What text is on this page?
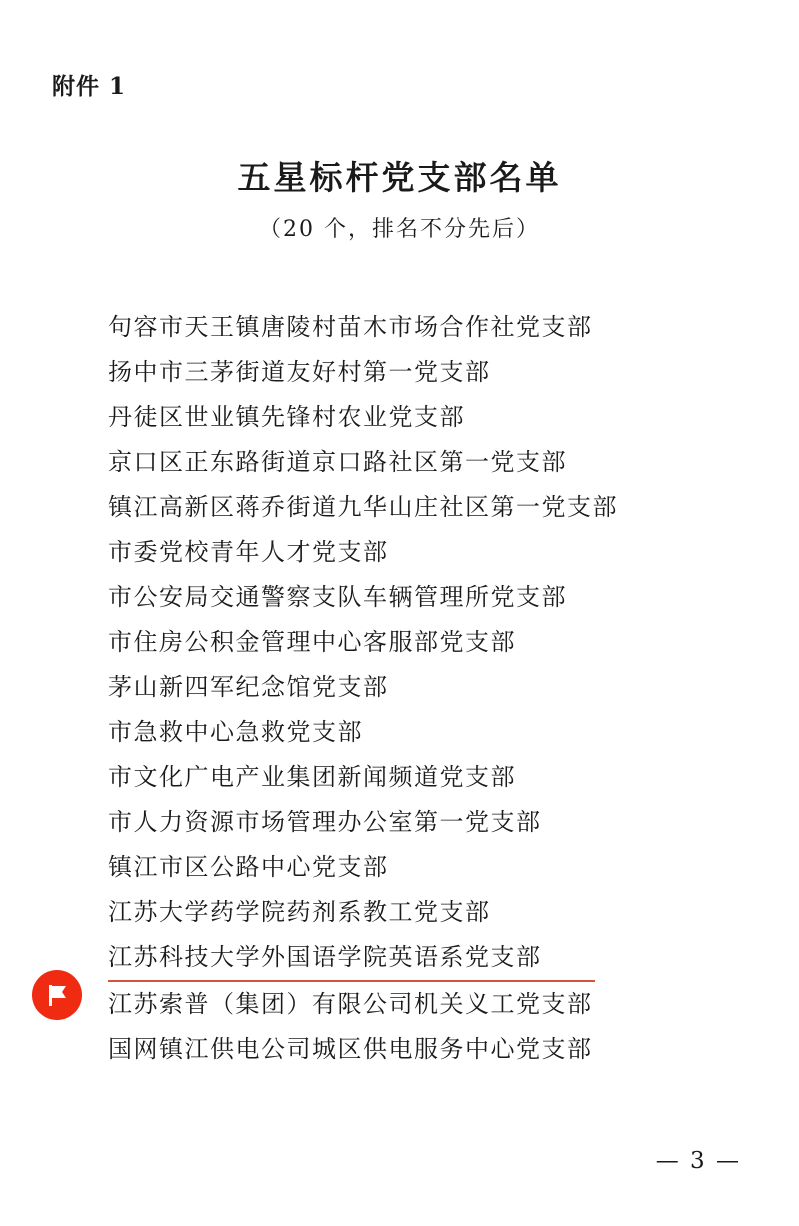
附件 1
五星标杆党支部名单
（20 个，排名不分先后）
句容市天王镇唐陵村苗木市场合作社党支部
扬中市三茅街道友好村第一党支部
丹徒区世业镇先锋村农业党支部
京口区正东路街道京口路社区第一党支部
镇江高新区蒋乔街道九华山庄社区第一党支部
市委党校青年人才党支部
市公安局交通警察支队车辆管理所党支部
市住房公积金管理中心客服部党支部
茅山新四军纪念馆党支部
市急救中心急救党支部
市文化广电产业集团新闻频道党支部
市人力资源市场管理办公室第一党支部
镇江市区公路中心党支部
江苏大学药学院药剂系教工党支部
江苏科技大学外国语学院英语系党支部
江苏索普（集团）有限公司机关义工党支部
国网镇江供电公司城区供电服务中心党支部
— 3 —
